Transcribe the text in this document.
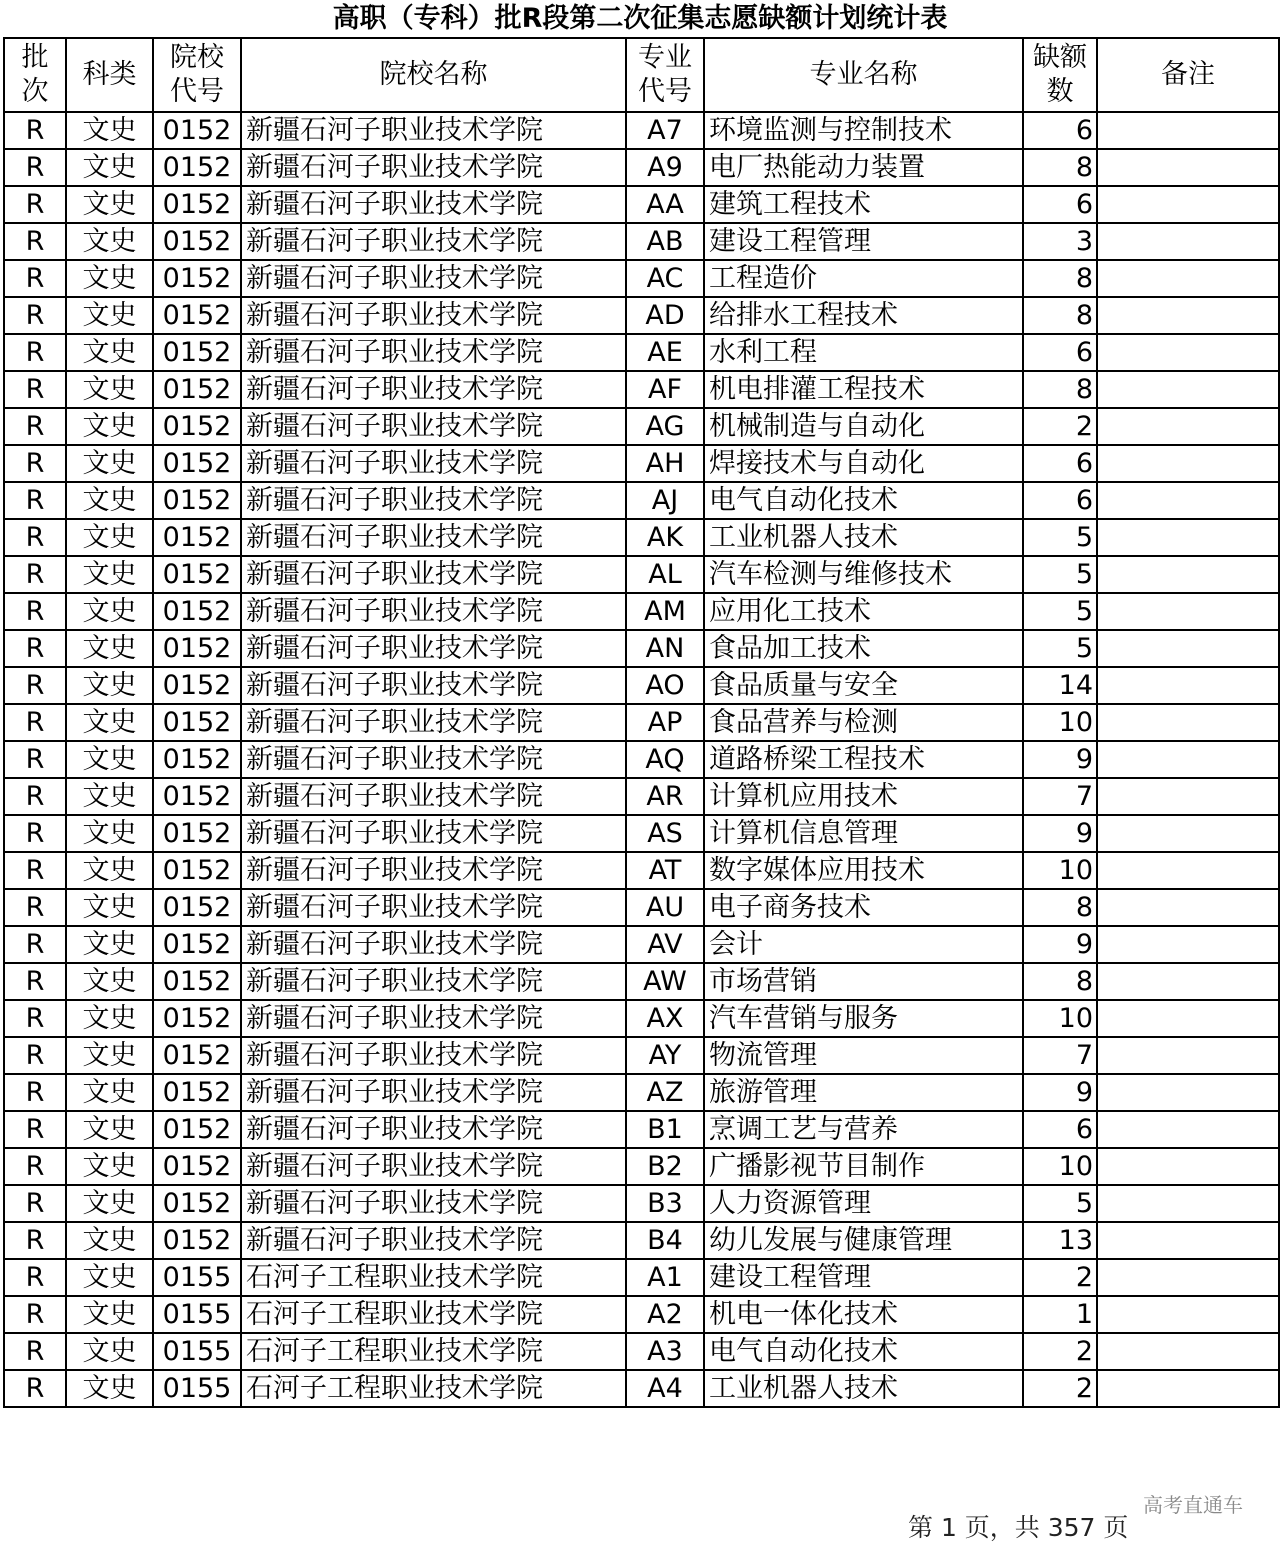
高职（专科）批R段第二次征集志愿缺额计划统计表
批次	科类	院校代号	院校名称	专业代号	专业名称	缺额数	备注
R	文史	0152	新疆石河子职业技术学院	A7	环境监测与控制技术	6	
R	文史	0152	新疆石河子职业技术学院	A9	电厂热能动力装置	8	
R	文史	0152	新疆石河子职业技术学院	AA	建筑工程技术	6	
R	文史	0152	新疆石河子职业技术学院	AB	建设工程管理	3	
R	文史	0152	新疆石河子职业技术学院	AC	工程造价	8	
R	文史	0152	新疆石河子职业技术学院	AD	给排水工程技术	8	
R	文史	0152	新疆石河子职业技术学院	AE	水利工程	6	
R	文史	0152	新疆石河子职业技术学院	AF	机电排灌工程技术	8	
R	文史	0152	新疆石河子职业技术学院	AG	机械制造与自动化	2	
R	文史	0152	新疆石河子职业技术学院	AH	焊接技术与自动化	6	
R	文史	0152	新疆石河子职业技术学院	AJ	电气自动化技术	6	
R	文史	0152	新疆石河子职业技术学院	AK	工业机器人技术	5	
R	文史	0152	新疆石河子职业技术学院	AL	汽车检测与维修技术	5	
R	文史	0152	新疆石河子职业技术学院	AM	应用化工技术	5	
R	文史	0152	新疆石河子职业技术学院	AN	食品加工技术	5	
R	文史	0152	新疆石河子职业技术学院	AO	食品质量与安全	14	
R	文史	0152	新疆石河子职业技术学院	AP	食品营养与检测	10	
R	文史	0152	新疆石河子职业技术学院	AQ	道路桥梁工程技术	9	
R	文史	0152	新疆石河子职业技术学院	AR	计算机应用技术	7	
R	文史	0152	新疆石河子职业技术学院	AS	计算机信息管理	9	
R	文史	0152	新疆石河子职业技术学院	AT	数字媒体应用技术	10	
R	文史	0152	新疆石河子职业技术学院	AU	电子商务技术	8	
R	文史	0152	新疆石河子职业技术学院	AV	会计	9	
R	文史	0152	新疆石河子职业技术学院	AW	市场营销	8	
R	文史	0152	新疆石河子职业技术学院	AX	汽车营销与服务	10	
R	文史	0152	新疆石河子职业技术学院	AY	物流管理	7	
R	文史	0152	新疆石河子职业技术学院	AZ	旅游管理	9	
R	文史	0152	新疆石河子职业技术学院	B1	烹调工艺与营养	6	
R	文史	0152	新疆石河子职业技术学院	B2	广播影视节目制作	10	
R	文史	0152	新疆石河子职业技术学院	B3	人力资源管理	5	
R	文史	0152	新疆石河子职业技术学院	B4	幼儿发展与健康管理	13	
R	文史	0155	石河子工程职业技术学院	A1	建设工程管理	2	
R	文史	0155	石河子工程职业技术学院	A2	机电一体化技术	1	
R	文史	0155	石河子工程职业技术学院	A3	电气自动化技术	2	
R	文史	0155	石河子工程职业技术学院	A4	工业机器人技术	2	
第 1 页，共 357 页
高考直通车
